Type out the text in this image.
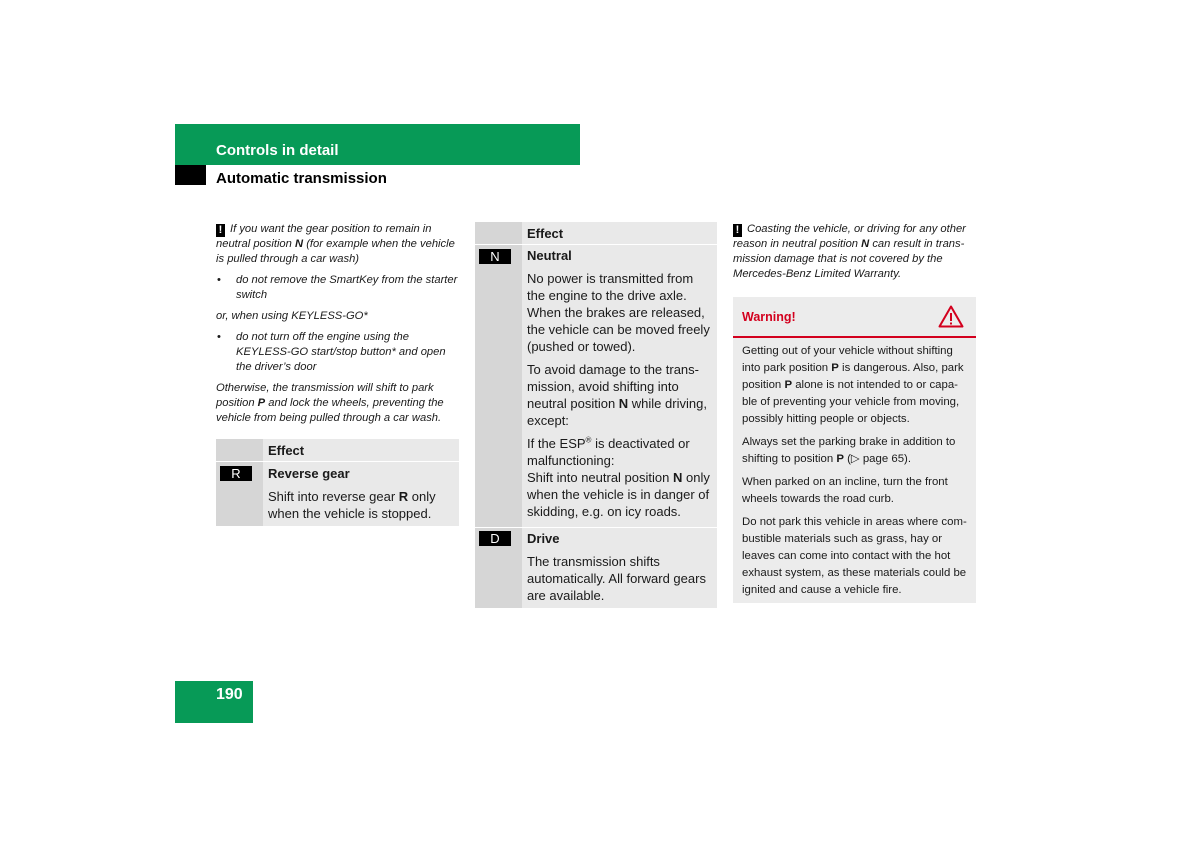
Controls in detail
Automatic transmission

! If you want the gear position to remain in neutral position N (for example when the vehicle is pulled through a car wash)

• do not remove the SmartKey from the starter switch

or, when using KEYLESS-GO*

• do not turn off the engine using the KEYLESS-GO start/stop button* and open the driver’s door

Otherwise, the transmission will shift to park position P and lock the wheels, preventing the vehicle from being pulled through a car wash.

R
Effect

Reverse gear

Shift into reverse gear R only when the vehicle is stopped.

Effect
N	Neutral

No power is transmitted from the engine to the drive axle. When the brakes are released, the vehicle can be moved freely (pushed or towed).

To avoid damage to the trans-mission, avoid shifting into neutral position N while driving, except:

If the ESP® is deactivated or malfunctioning:

Shift into neutral position N only when the vehicle is in danger of skidding, e.g. on icy roads.

D	Drive

The transmission shifts automatically. All forward gears are available.

! Coasting the vehicle, or driving for any other reason in neutral position N can result in trans-mission damage that is not covered by the Mercedes-Benz Limited Warranty.

Warning!

Getting out of your vehicle without shifting into park position P is dangerous. Also, park position P alone is not intended to or capa-ble of preventing your vehicle from moving, possibly hitting people or objects.

Always set the parking brake in addition to shifting to position P (▷ page 65).

When parked on an incline, turn the front wheels towards the road curb.

Do not park this vehicle in areas where com-bustible materials such as grass, hay or leaves can come into contact with the hot exhaust system, as these materials could be ignited and cause a vehicle fire.

190
